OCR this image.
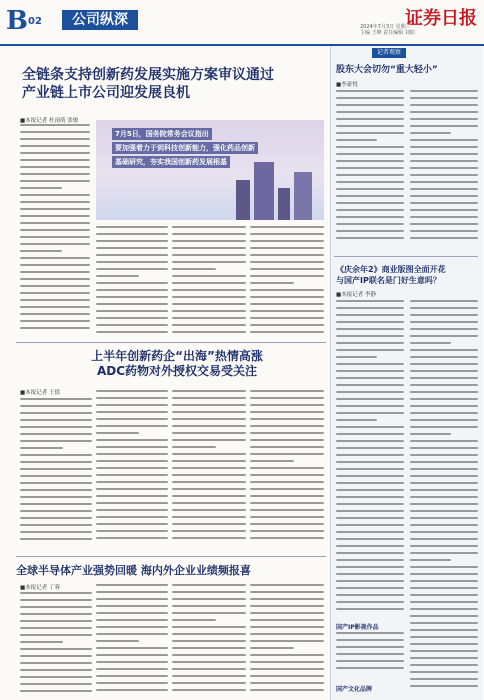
B 02	公司纵深	2024年7月3日 星期三
主编 王峰 责任编辑 刘阳
证券日报
全链条支持创新药发展实施方案审议通过
产业链上市公司迎发展良机
■本报记者 杜雨萌 张敏
7月5日，国务院常务会议指出
要加强着力于到科技创新能力，强化药品创新
基础研究，夯实我国创新药发展根基
上半年创新药企“出海”热情高涨
ADC药物对外授权交易受关注
■本报记者 王僖
全球半导体产业强势回暖 海内外企业业绩频报喜
■本报记者 丁蓉
记者观察
股东大会切勿“重大轻小”
■李豪悦
《庆余年2》商业版图全面开花
与国产IP联名是门好生意吗？
■本报记者 李静
国产IP影视作品
国产文化品牌
